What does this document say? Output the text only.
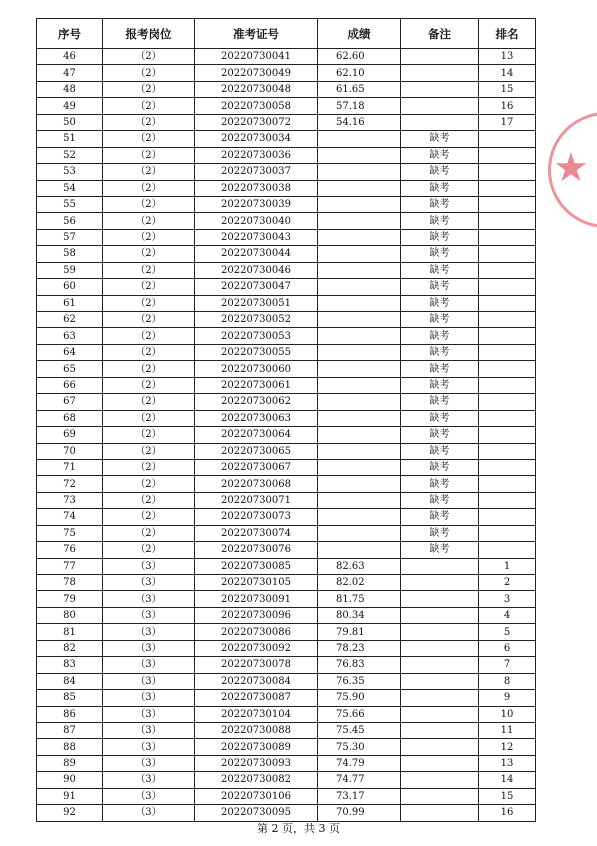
序号	报考岗位	准考证号	成绩	备注	排名
46	（2）	20220730041	62.60		13
47	（2）	20220730049	62.10		14
48	（2）	20220730048	61.65		15
49	（2）	20220730058	57.18		16
50	（2）	20220730072	54.16		17
51	（2）	20220730034		缺考	
52	（2）	20220730036		缺考	
53	（2）	20220730037		缺考	
54	（2）	20220730038		缺考	
55	（2）	20220730039		缺考	
56	（2）	20220730040		缺考	
57	（2）	20220730043		缺考	
58	（2）	20220730044		缺考	
59	（2）	20220730046		缺考	
60	（2）	20220730047		缺考	
61	（2）	20220730051		缺考	
62	（2）	20220730052		缺考	
63	（2）	20220730053		缺考	
64	（2）	20220730055		缺考	
65	（2）	20220730060		缺考	
66	（2）	20220730061		缺考	
67	（2）	20220730062		缺考	
68	（2）	20220730063		缺考	
69	（2）	20220730064		缺考	
70	（2）	20220730065		缺考	
71	（2）	20220730067		缺考	
72	（2）	20220730068		缺考	
73	（2）	20220730071		缺考	
74	（2）	20220730073		缺考	
75	（2）	20220730074		缺考	
76	（2）	20220730076		缺考	
77	（3）	20220730085	82.63		1
78	（3）	20220730105	82.02		2
79	（3）	20220730091	81.75		3
80	（3）	20220730096	80.34		4
81	（3）	20220730086	79.81		5
82	（3）	20220730092	78.23		6
83	（3）	20220730078	76.83		7
84	（3）	20220730084	76.35		8
85	（3）	20220730087	75.90		9
86	（3）	20220730104	75.66		10
87	（3）	20220730088	75.45		11
88	（3）	20220730089	75.30		12
89	（3）	20220730093	74.79		13
90	（3）	20220730082	74.77		14
91	（3）	20220730106	73.17		15
92	（3）	20220730095	70.99		16
★
第 2 页，共 3 页
